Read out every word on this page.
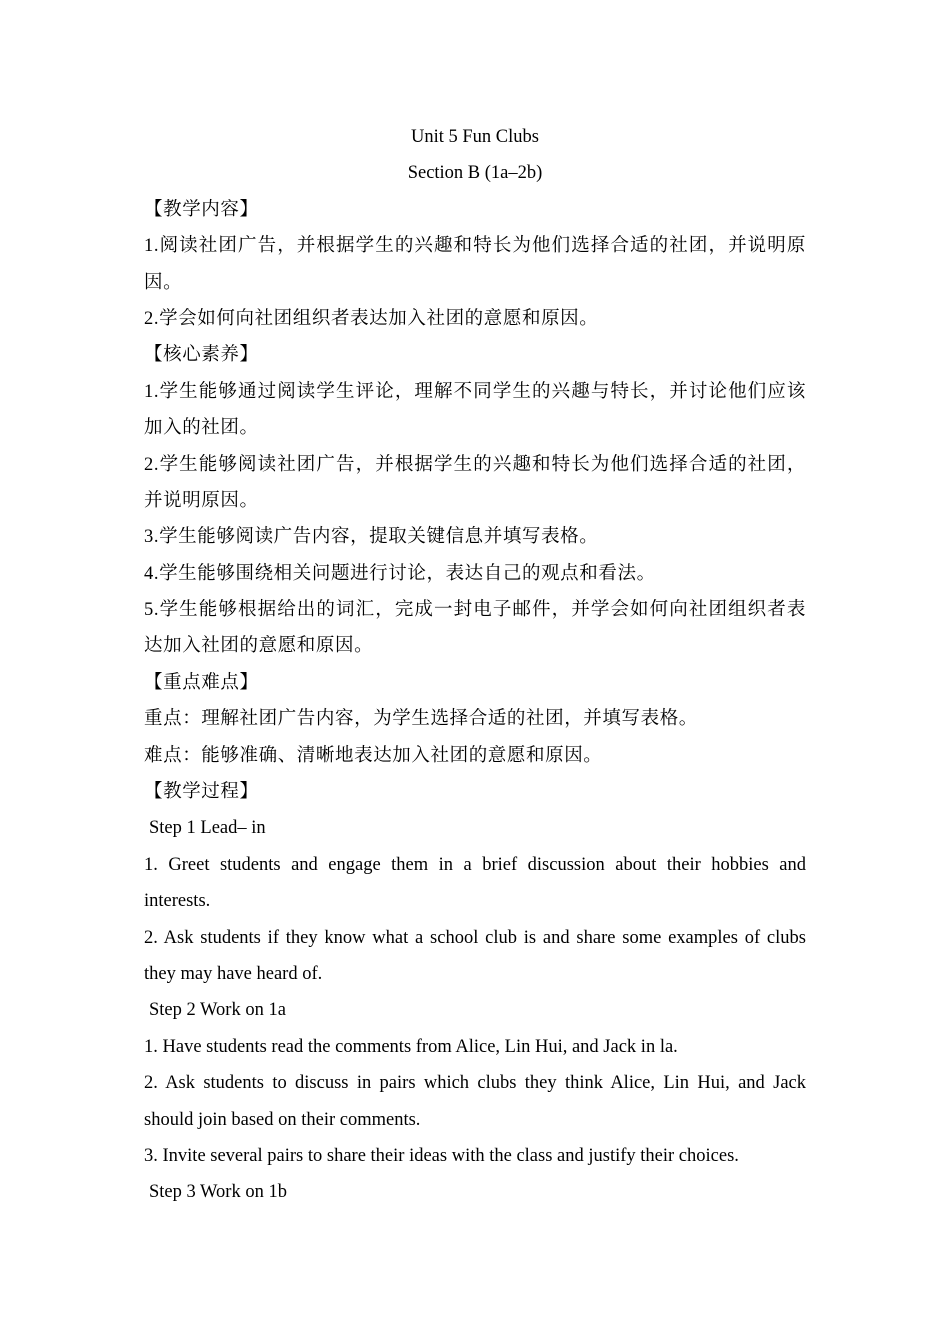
Unit 5 Fun Clubs
Section B (1a–2b)
【教学内容】
1.阅读社团广告，并根据学生的兴趣和特长为他们选择合适的社团，并说明原
因。
2.学会如何向社团组织者表达加入社团的意愿和原因。
【核心素养】
1.学生能够通过阅读学生评论，理解不同学生的兴趣与特长，并讨论他们应该
加入的社团。
2.学生能够阅读社团广告，并根据学生的兴趣和特长为他们选择合适的社团，
并说明原因。
3.学生能够阅读广告内容，提取关键信息并填写表格。
4.学生能够围绕相关问题进行讨论，表达自己的观点和看法。
5.学生能够根据给出的词汇，完成一封电子邮件，并学会如何向社团组织者表
达加入社团的意愿和原因。
【重点难点】
重点：理解社团广告内容，为学生选择合适的社团，并填写表格。
难点：能够准确、清晰地表达加入社团的意愿和原因。
【教学过程】
Step 1 Lead– in
1. Greet students and engage them in a brief discussion about their hobbies and
interests.
2. Ask students if they know what a school club is and share some examples of clubs
they may have heard of.
Step 2 Work on 1a
1. Have students read the comments from Alice, Lin Hui, and Jack in la.
2. Ask students to discuss in pairs which clubs they think Alice, Lin Hui, and Jack
should join based on their comments.
3. Invite several pairs to share their ideas with the class and justify their choices.
Step 3 Work on 1b
